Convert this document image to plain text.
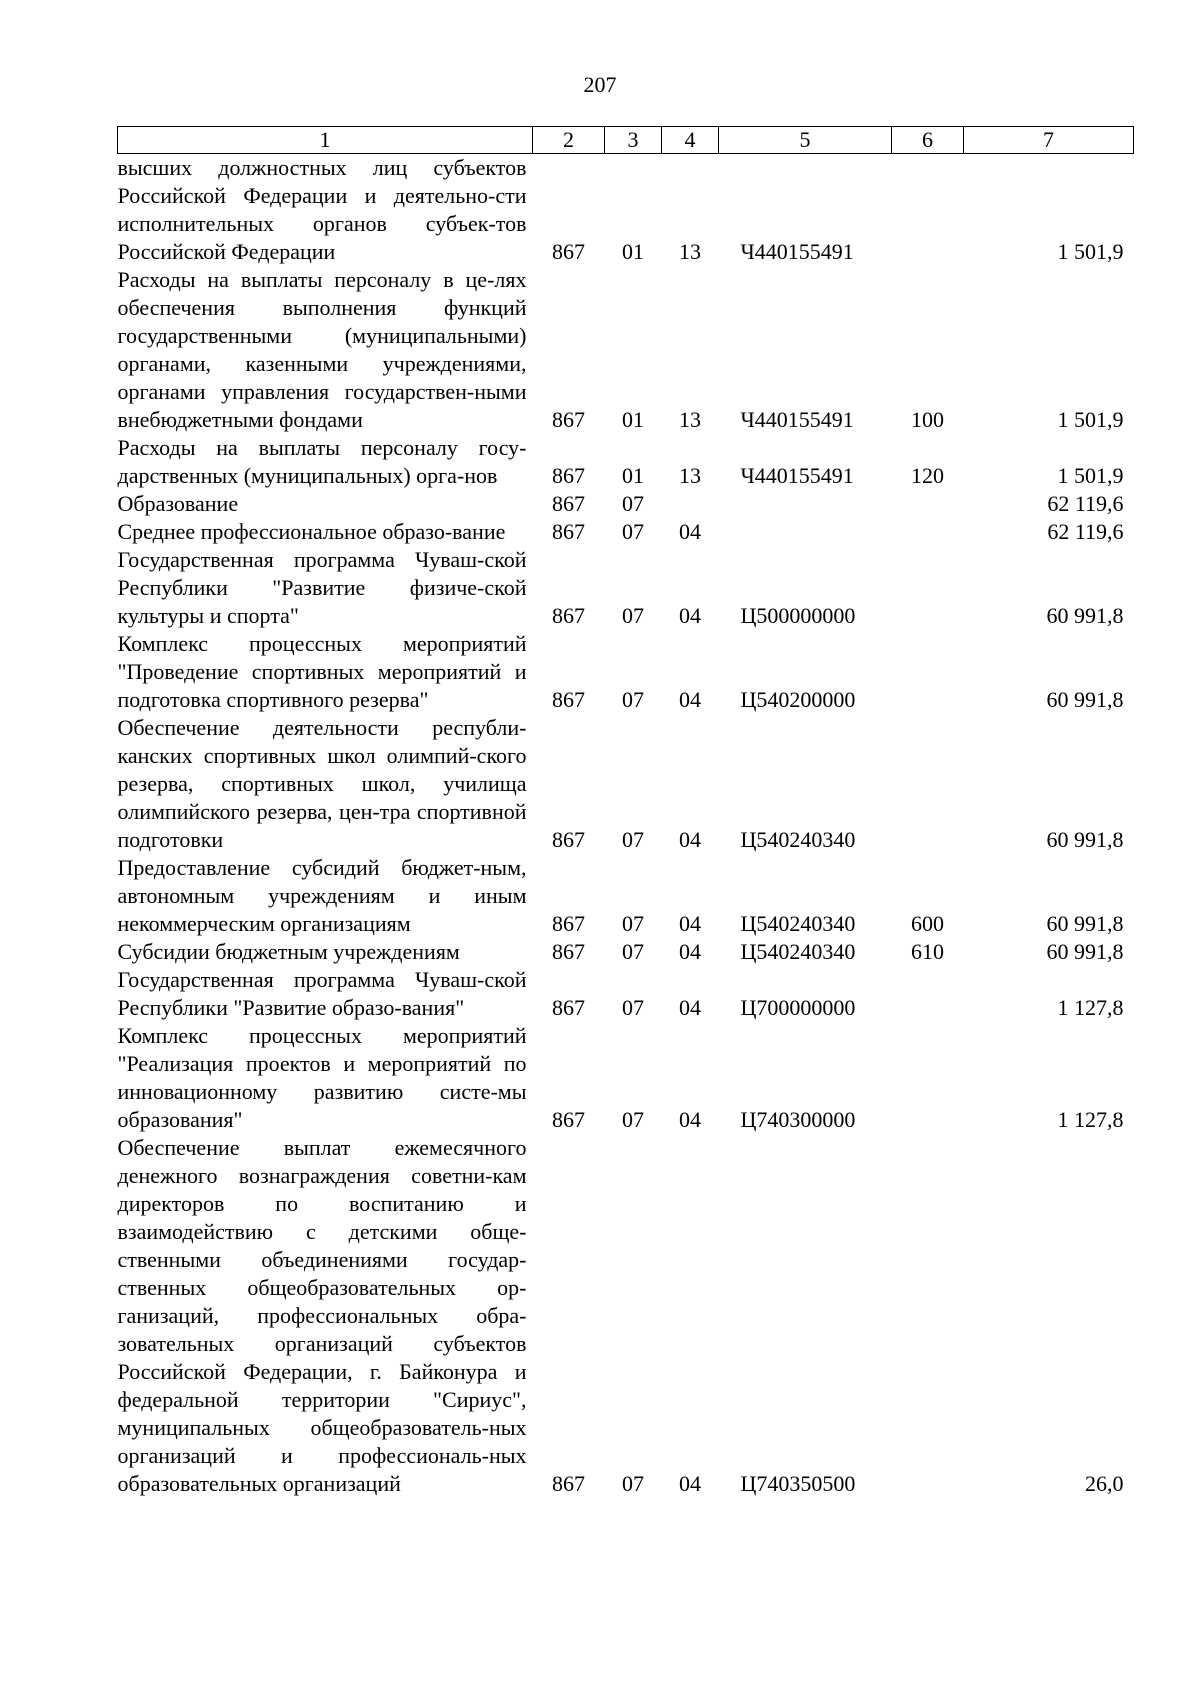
207
1	2	3	4	5	6	7
высших должностных лиц субъектов Российской Федерации и деятельно-сти исполнительных органов субъек-тов Российской Федерации	867	01	13	Ч440155491		1 501,9
Расходы на выплаты персоналу в це-лях обеспечения выполнения функций государственными (муниципальными) органами, казенными учреждениями, органами управления государствен-ными внебюджетными фондами	867	01	13	Ч440155491	100	1 501,9
Расходы на выплаты персоналу госу-дарственных (муниципальных) орга-нов	867	01	13	Ч440155491	120	1 501,9
Образование	867	07				62 119,6
Среднее профессиональное образо-вание	867	07	04			62 119,6
Государственная программа Чуваш-ской Республики "Развитие физиче-ской культуры и спорта"	867	07	04	Ц500000000		60 991,8
Комплекс процессных мероприятий "Проведение спортивных мероприятий и подготовка спортивного резерва"	867	07	04	Ц540200000		60 991,8
Обеспечение деятельности республи-канских спортивных школ олимпий-ского резерва, спортивных школ, училища олимпийского резерва, цен-тра спортивной подготовки	867	07	04	Ц540240340		60 991,8
Предоставление субсидий бюджет-ным, автономным учреждениям и иным некоммерческим организациям	867	07	04	Ц540240340	600	60 991,8
Субсидии бюджетным учреждениям	867	07	04	Ц540240340	610	60 991,8
Государственная программа Чуваш-ской Республики "Развитие образо-вания"	867	07	04	Ц700000000		1 127,8
Комплекс процессных мероприятий "Реализация проектов и мероприятий по инновационному развитию систе-мы образования"	867	07	04	Ц740300000		1 127,8
Обеспечение выплат ежемесячного денежного вознаграждения советни-кам директоров по воспитанию и взаимодействию с детскими обще-ственными объединениями государ-ственных общеобразовательных ор-ганизаций, профессиональных обра-зовательных организаций субъектов Российской Федерации, г. Байконура и федеральной территории "Сириус", муниципальных общеобразователь-ных организаций и профессиональ-ных образовательных организаций	867	07	04	Ц740350500		26,0
